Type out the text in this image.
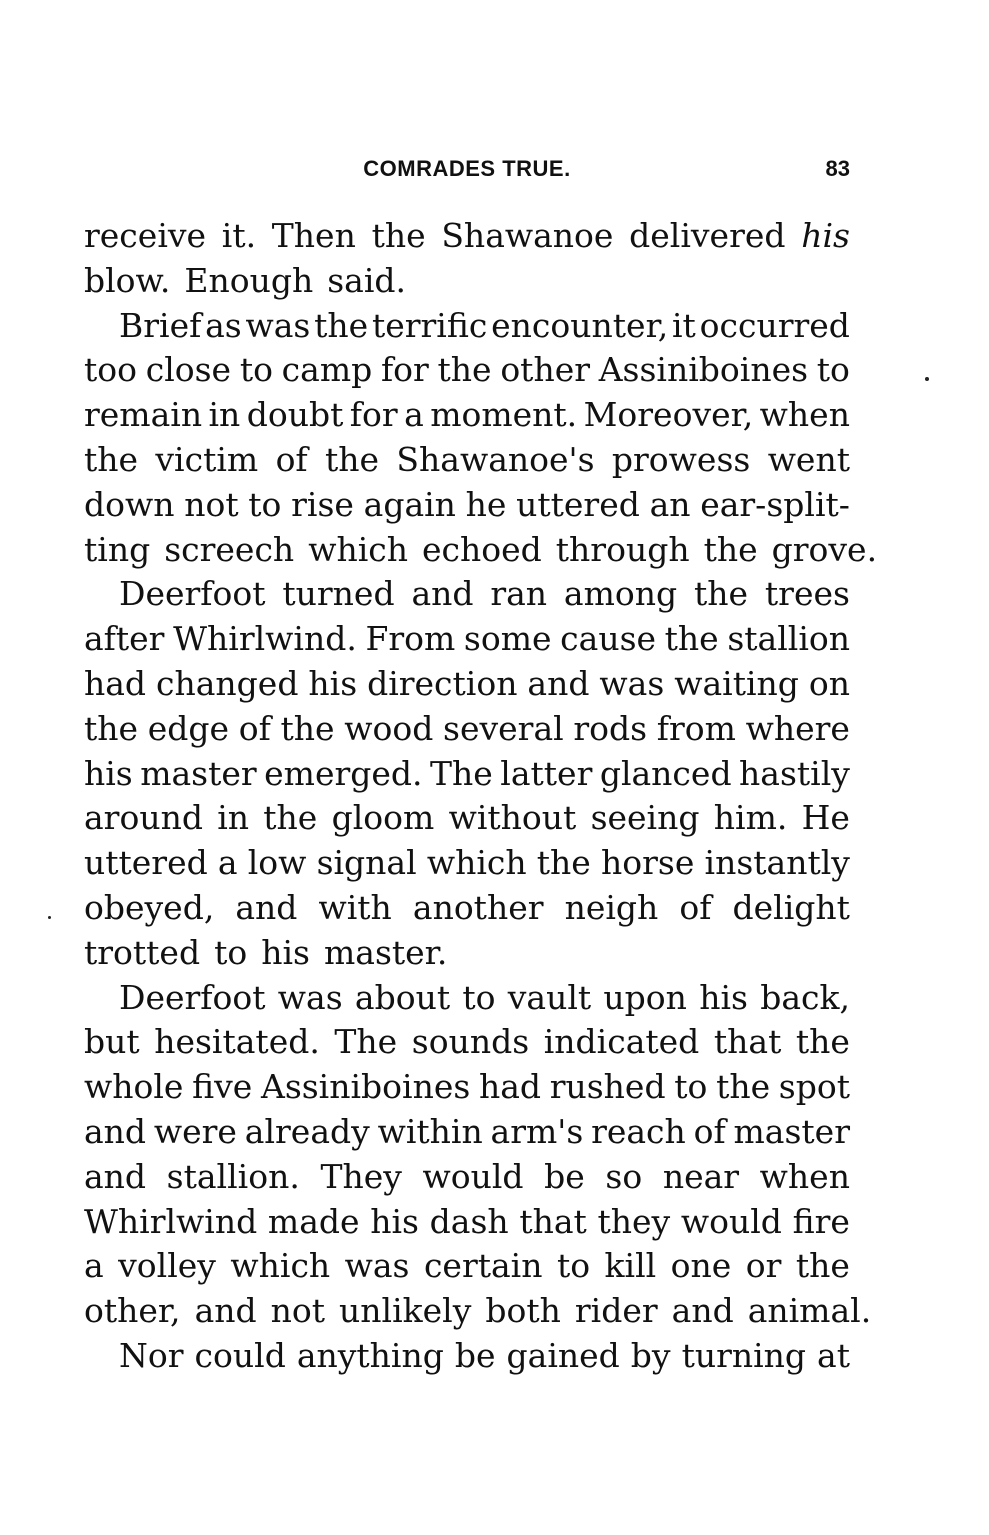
COMRADES TRUE.	83
receive it. Then the Shawanoe delivered his
blow. Enough said.
Brief as was the terrific encounter, it occurred
too close to camp for the other Assiniboines to
remain in doubt for a moment. Moreover, when
the victim of the Shawanoe's prowess went
down not to rise again he uttered an ear-split-
ting screech which echoed through the grove.
Deerfoot turned and ran among the trees
after Whirlwind. From some cause the stallion
had changed his direction and was waiting on
the edge of the wood several rods from where
his master emerged. The latter glanced hastily
around in the gloom without seeing him. He
uttered a low signal which the horse instantly
obeyed, and with another neigh of delight
trotted to his master.
Deerfoot was about to vault upon his back,
but hesitated. The sounds indicated that the
whole five Assiniboines had rushed to the spot
and were already within arm's reach of master
and stallion. They would be so near when
Whirlwind made his dash that they would fire
a volley which was certain to kill one or the
other, and not unlikely both rider and animal.
Nor could anything be gained by turning at
